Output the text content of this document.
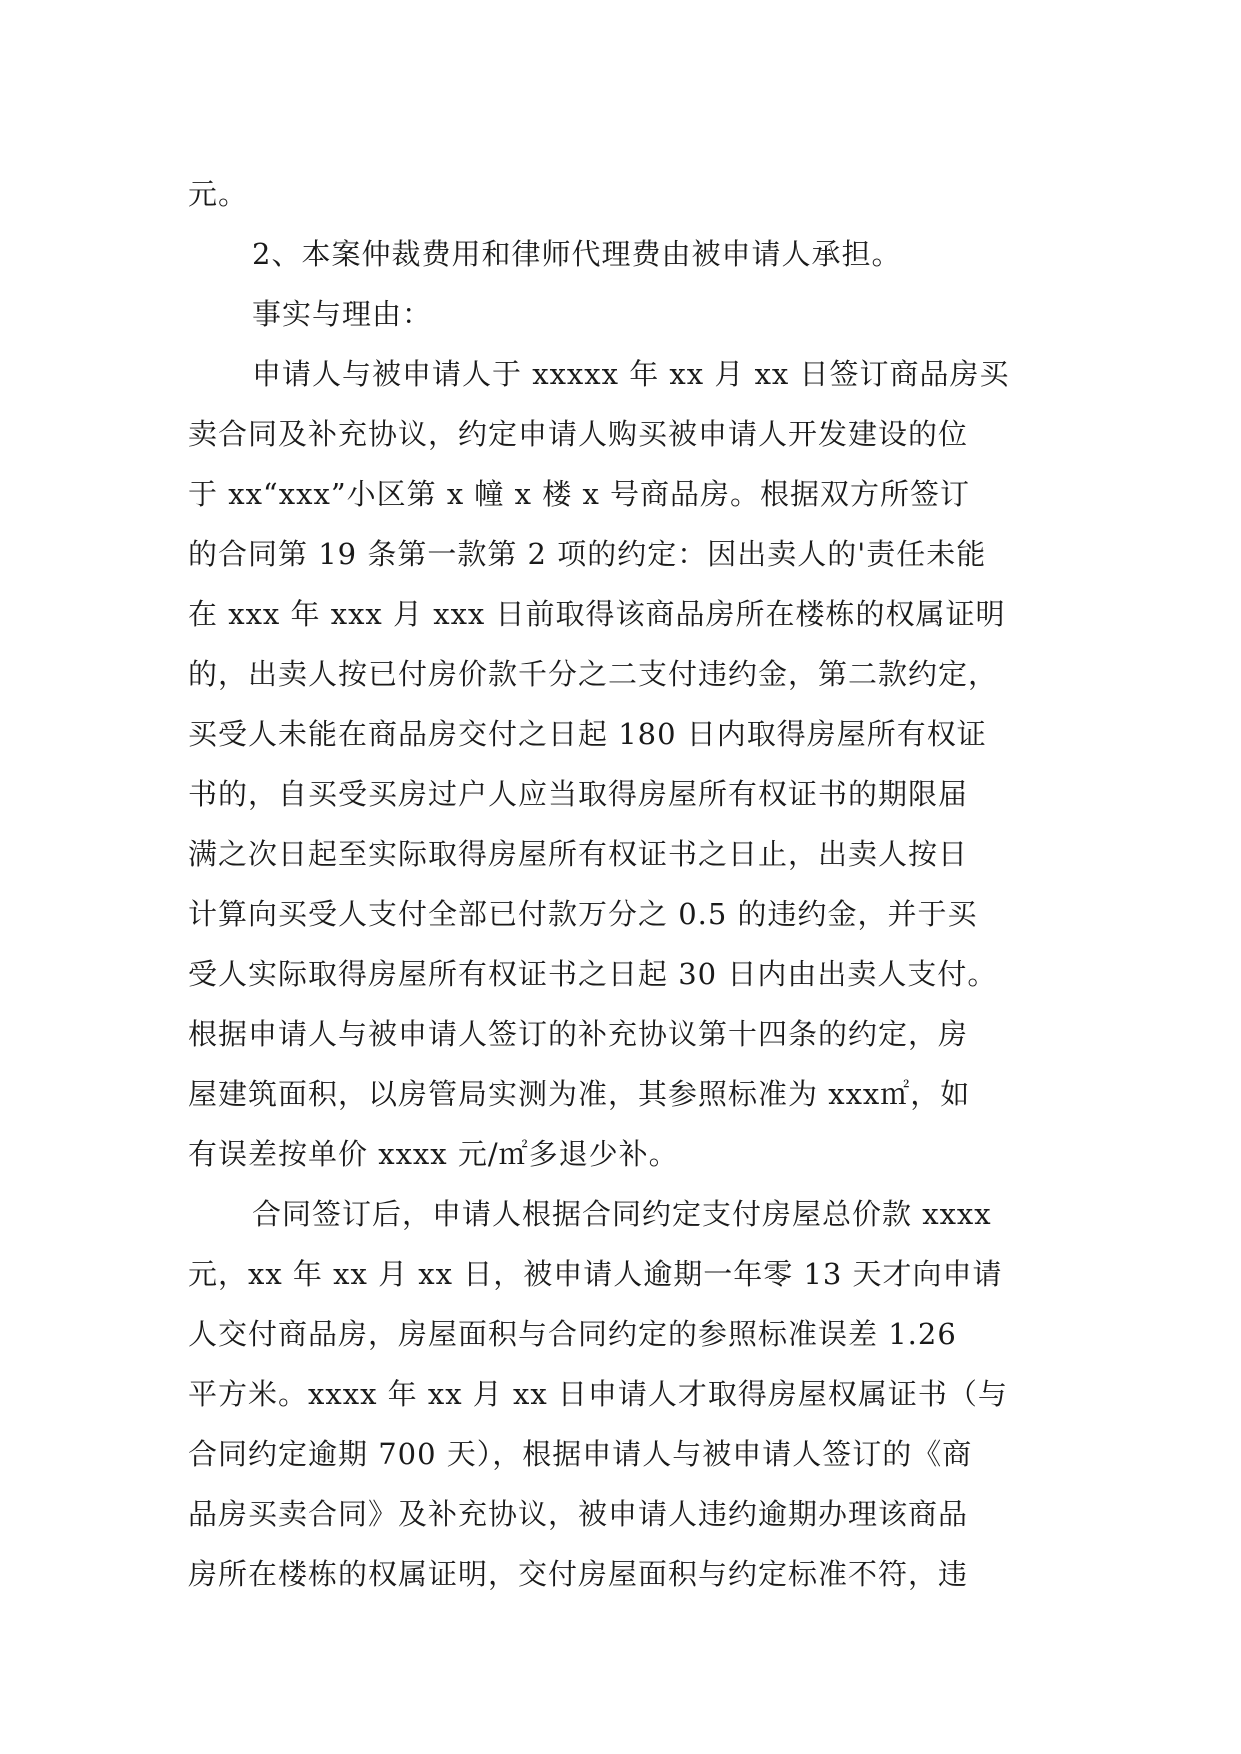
元。
2、本案仲裁费用和律师代理费由被申请人承担。
事实与理由：
申请人与被申请人于 xxxxx 年 xx 月 xx 日签订商品房买
卖合同及补充协议，约定申请人购买被申请人开发建设的位
于 xx“xxx”小区第 x 幢 x 楼 x 号商品房。根据双方所签订
的合同第 19 条第一款第 2 项的约定：因出卖人的'责任未能
在 xxx 年 xxx 月 xxx 日前取得该商品房所在楼栋的权属证明
的，出卖人按已付房价款千分之二支付违约金，第二款约定，
买受人未能在商品房交付之日起 180 日内取得房屋所有权证
书的，自买受买房过户人应当取得房屋所有权证书的期限届
满之次日起至实际取得房屋所有权证书之日止，出卖人按日
计算向买受人支付全部已付款万分之 0.5 的违约金，并于买
受人实际取得房屋所有权证书之日起 30 日内由出卖人支付。
根据申请人与被申请人签订的补充协议第十四条的约定，房
屋建筑面积，以房管局实测为准，其参照标准为 xxx㎡，如
有误差按单价 xxxx 元/㎡多退少补。
合同签订后，申请人根据合同约定支付房屋总价款 xxxx
元，xx 年 xx 月 xx 日，被申请人逾期一年零 13 天才向申请
人交付商品房，房屋面积与合同约定的参照标准误差 1.26
平方米。xxxx 年 xx 月 xx 日申请人才取得房屋权属证书（与
合同约定逾期 700 天），根据申请人与被申请人签订的《商
品房买卖合同》及补充协议，被申请人违约逾期办理该商品
房所在楼栋的权属证明，交付房屋面积与约定标准不符，违
